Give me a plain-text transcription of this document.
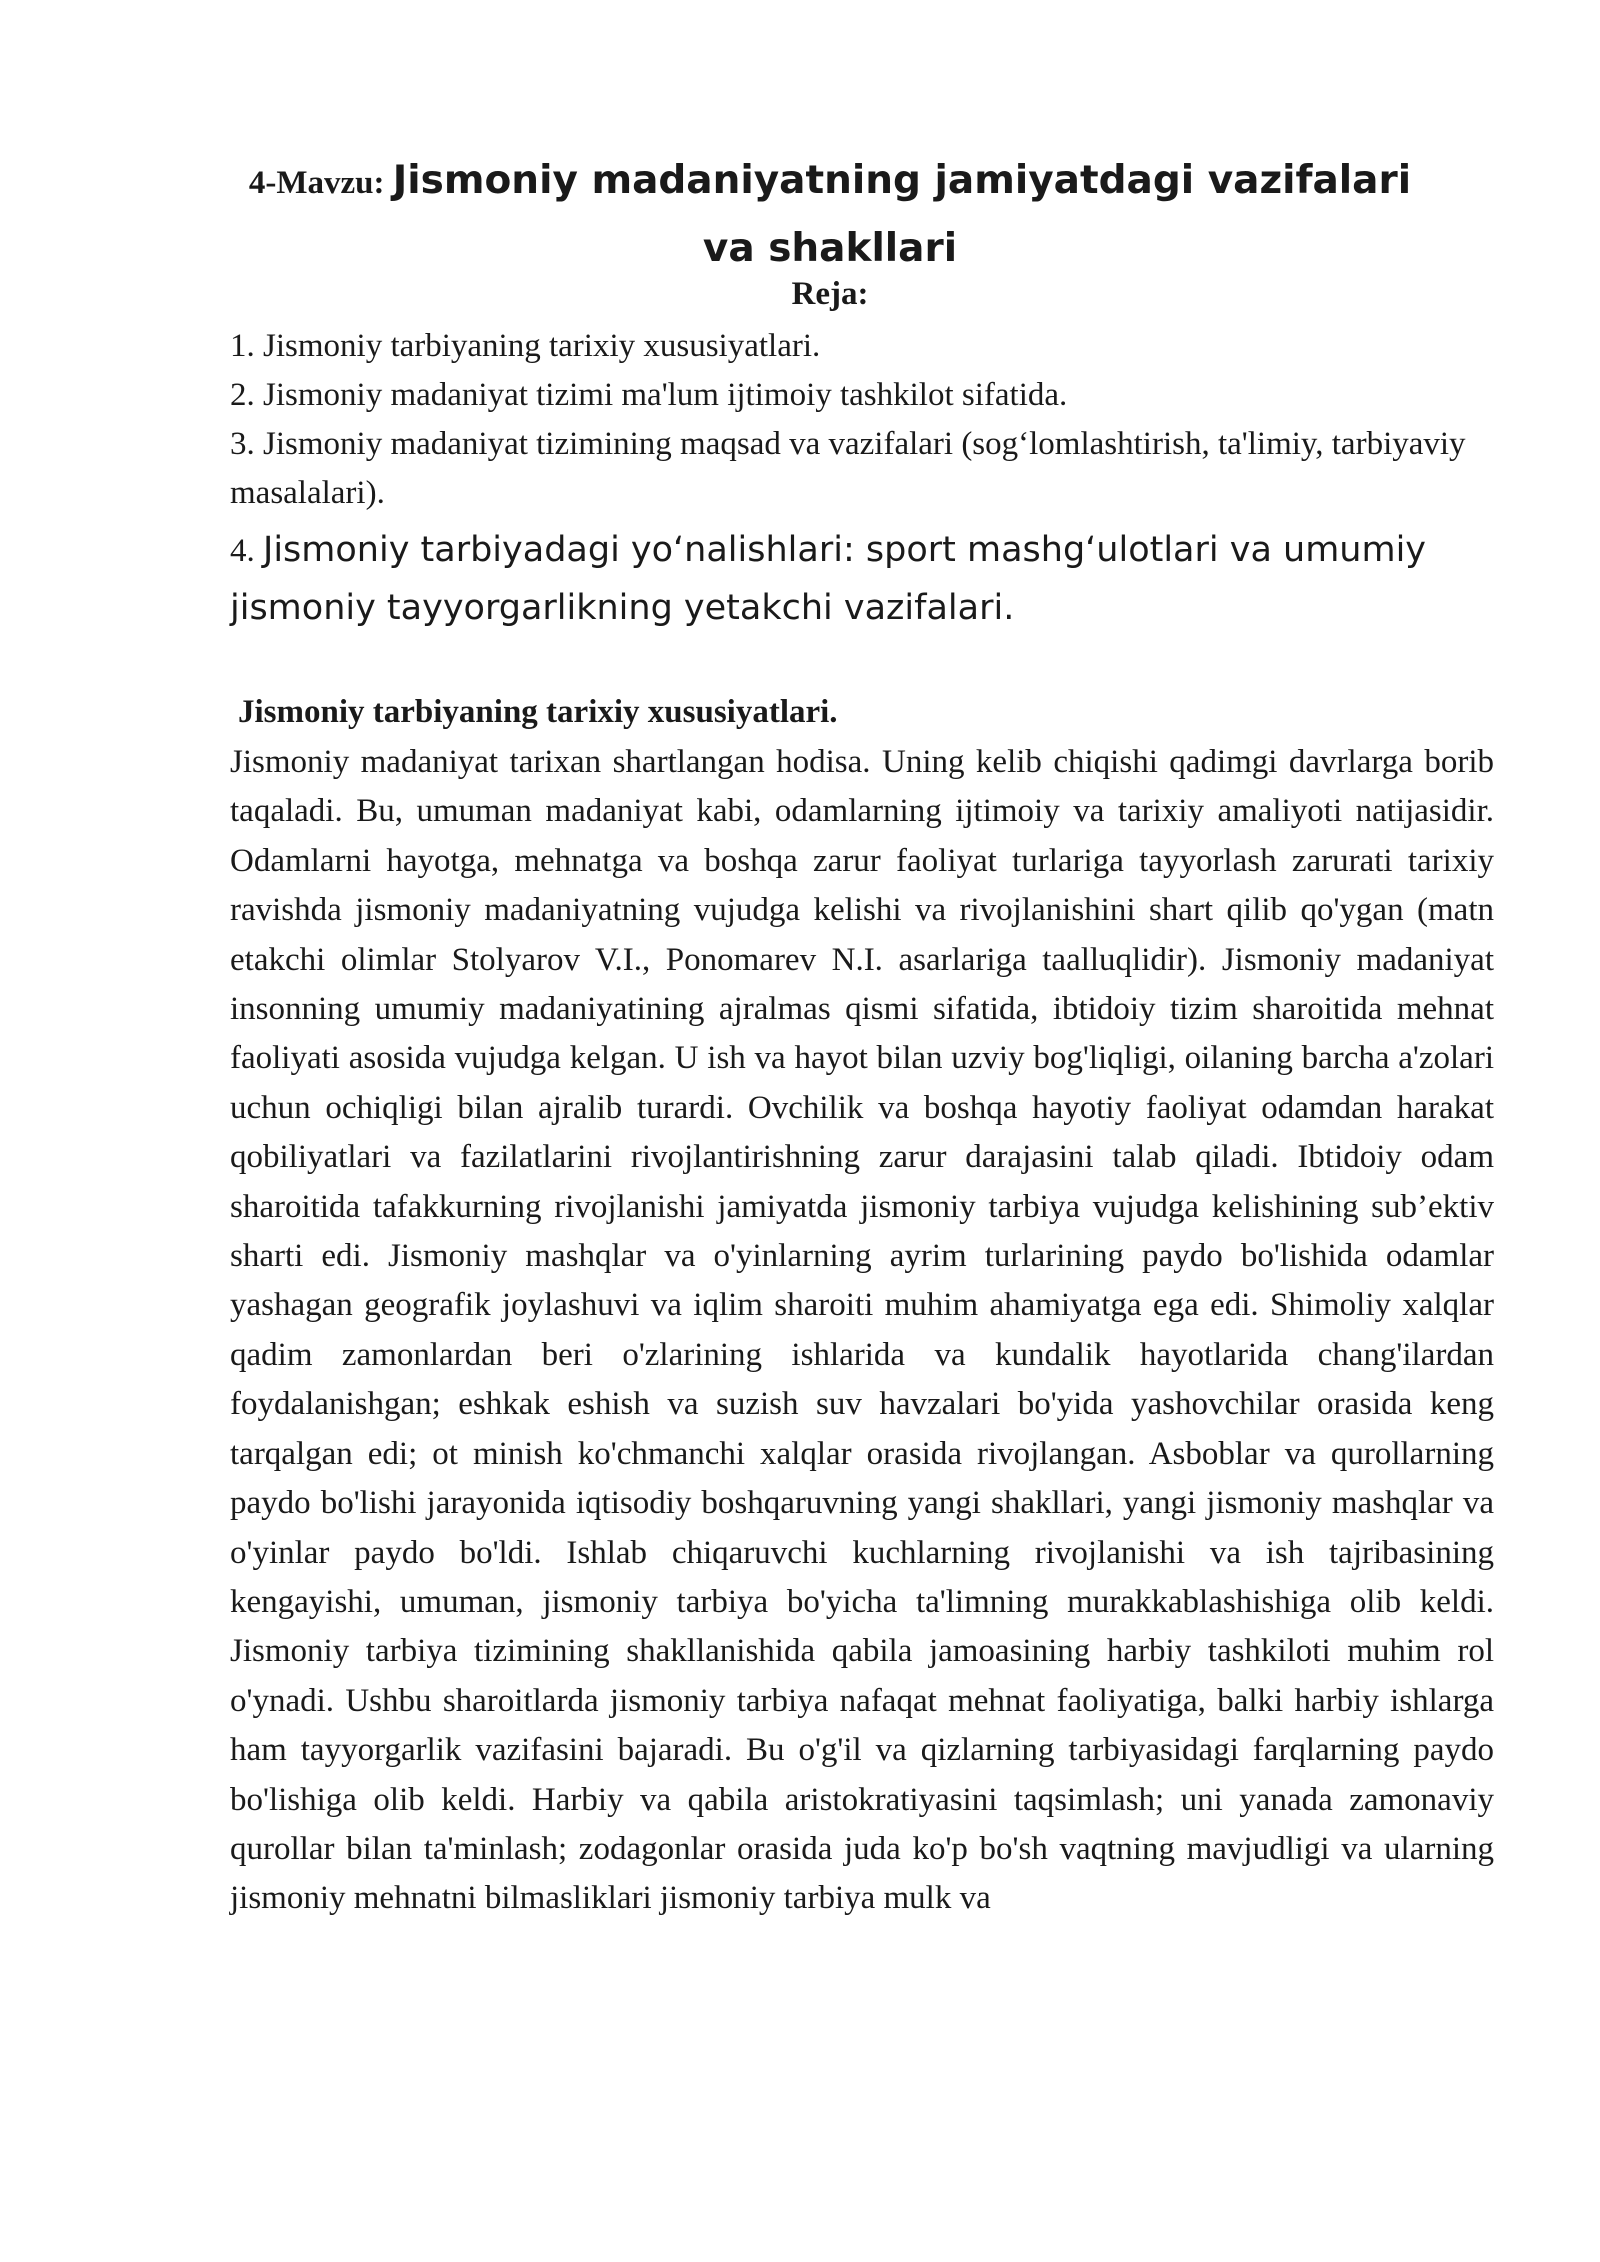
4-Mavzu: Jismoniy madaniyatning jamiyatdagi vazifalari va shakllari
Reja:
1. Jismoniy tarbiyaning tarixiy xususiyatlari.
2. Jismoniy madaniyat tizimi ma'lum ijtimoiy tashkilot sifatida.
3. Jismoniy madaniyat tizimining maqsad va vazifalari (sog‘lomlashtirish, ta'limiy, tarbiyaviy masalalari).
4. Jismoniy tarbiyadagi yo‘nalishlari: sport mashg‘ulotlari va umumiy jismoniy tayyorgarlikning yetakchi vazifalari.
Jismoniy tarbiyaning tarixiy xususiyatlari.

Jismoniy madaniyat tarixan shartlangan hodisa. Uning kelib chiqishi qadimgi davrlarga borib taqaladi. Bu, umuman madaniyat kabi, odamlarning ijtimoiy va tarixiy amaliyoti natijasidir. Odamlarni hayotga, mehnatga va boshqa zarur faoliyat turlariga tayyorlash zarurati tarixiy ravishda jismoniy madaniyatning vujudga kelishi va rivojlanishini shart qilib qo'ygan (matn etakchi olimlar Stolyarov V.I., Ponomarev N.I. asarlariga taalluqlidir). Jismoniy madaniyat insonning umumiy madaniyatining ajralmas qismi sifatida, ibtidoiy tizim sharoitida mehnat faoliyati asosida vujudga kelgan. U ish va hayot bilan uzviy bog'liqligi, oilaning barcha a'zolari uchun ochiqligi bilan ajralib turardi. Ovchilik va boshqa hayotiy faoliyat odamdan harakat qobiliyatlari va fazilatlarini rivojlantirishning zarur darajasini talab qiladi. Ibtidoiy odam sharoitida tafakkurning rivojlanishi jamiyatda jismoniy tarbiya vujudga kelishining sub’ektiv sharti edi. Jismoniy mashqlar va o'yinlarning ayrim turlarining paydo bo'lishida odamlar yashagan geografik joylashuvi va iqlim sharoiti muhim ahamiyatga ega edi. Shimoliy xalqlar qadim zamonlardan beri o'zlarining ishlarida va kundalik hayotlarida chang'ilardan foydalanishgan; eshkak eshish va suzish suv havzalari bo'yida yashovchilar orasida keng tarqalgan edi; ot minish ko'chmanchi xalqlar orasida rivojlangan. Asboblar va qurollarning paydo bo'lishi jarayonida iqtisodiy boshqaruvning yangi shakllari, yangi jismoniy mashqlar va o'yinlar paydo bo'ldi. Ishlab chiqaruvchi kuchlarning rivojlanishi va ish tajribasining kengayishi, umuman, jismoniy tarbiya bo'yicha ta'limning murakkablashishiga olib keldi. Jismoniy tarbiya tizimining shakllanishida qabila jamoasining harbiy tashkiloti muhim rol o'ynadi. Ushbu sharoitlarda jismoniy tarbiya nafaqat mehnat faoliyatiga, balki harbiy ishlarga ham tayyorgarlik vazifasini bajaradi. Bu o'g'il va qizlarning tarbiyasidagi farqlarning paydo bo'lishiga olib keldi. Harbiy va qabila aristokratiyasini taqsimlash; uni yanada zamonaviy qurollar bilan ta'minlash; zodagonlar orasida juda ko'p bo'sh vaqtning mavjudligi va ularning jismoniy mehnatni bilmasliklari jismoniy tarbiya mulk va
